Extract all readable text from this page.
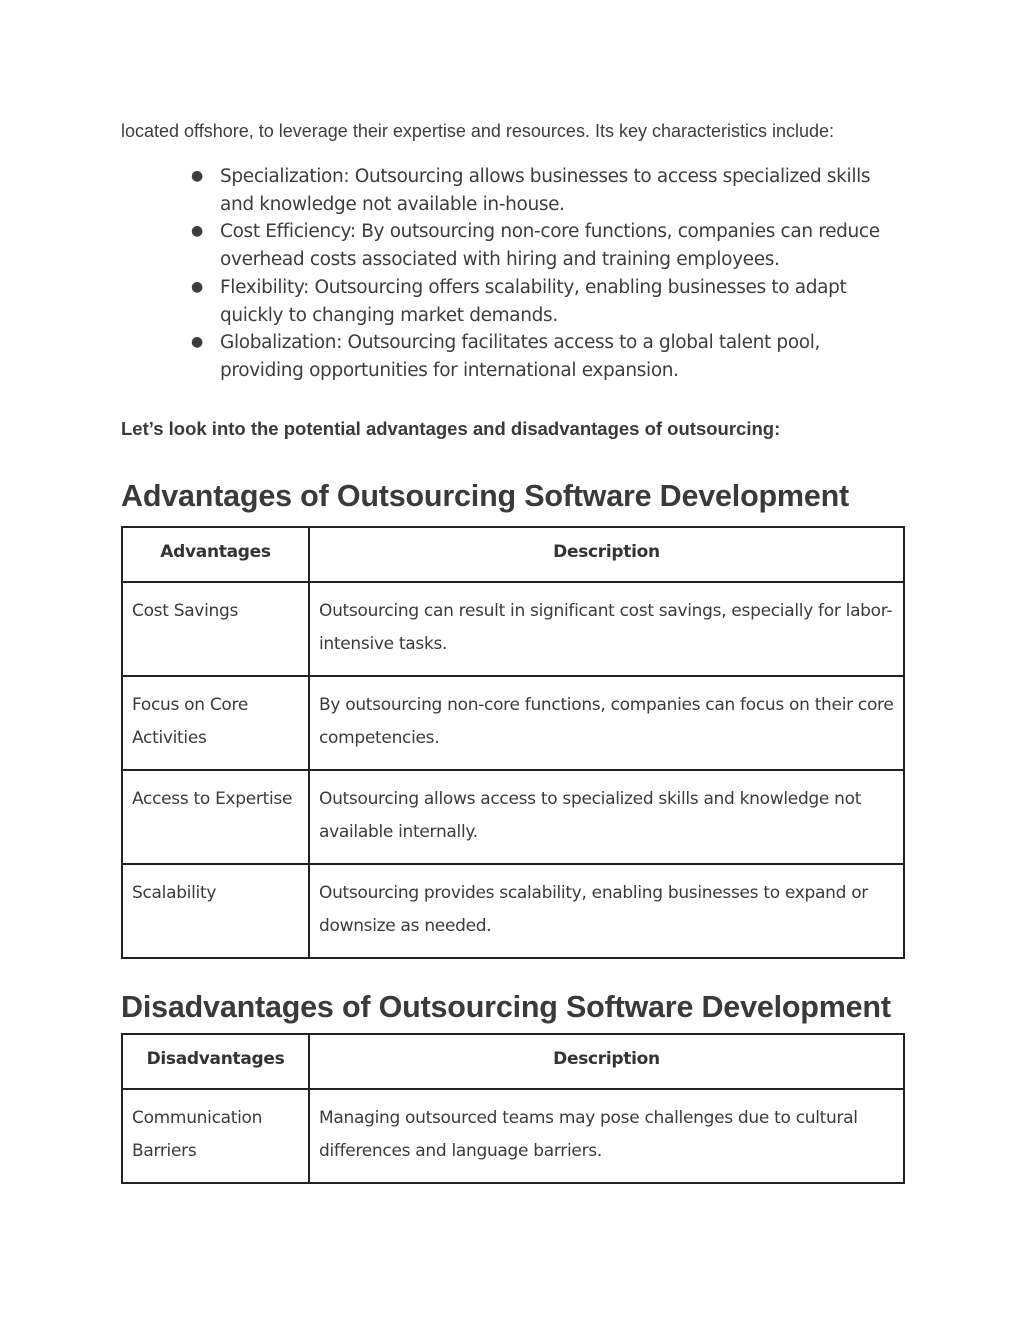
located offshore, to leverage their expertise and resources. Its key characteristics include:

● Specialization: Outsourcing allows businesses to access specialized skills and knowledge not available in-house.
● Cost Efficiency: By outsourcing non-core functions, companies can reduce overhead costs associated with hiring and training employees.
● Flexibility: Outsourcing offers scalability, enabling businesses to adapt quickly to changing market demands.
● Globalization: Outsourcing facilitates access to a global talent pool, providing opportunities for international expansion.

Let’s look into the potential advantages and disadvantages of outsourcing:

Advantages of Outsourcing Software Development
Advantages	Description
Cost Savings	Outsourcing can result in significant cost savings, especially for labor-intensive tasks.
Focus on Core Activities	By outsourcing non-core functions, companies can focus on their core competencies.
Access to Expertise	Outsourcing allows access to specialized skills and knowledge not available internally.
Scalability	Outsourcing provides scalability, enabling businesses to expand or downsize as needed.
Disadvantages of Outsourcing Software Development
Disadvantages	Description
Communication Barriers	Managing outsourced teams may pose challenges due to cultural differences and language barriers.
